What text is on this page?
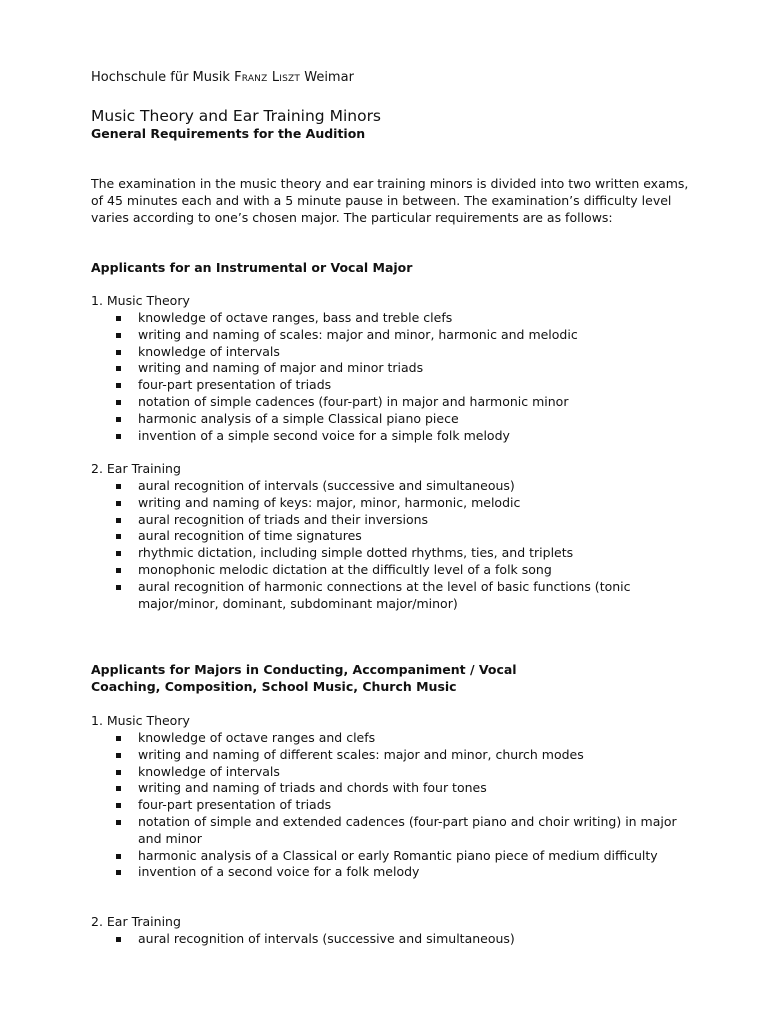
Hochschule für Musik Franz Liszt Weimar
Music Theory and Ear Training Minors
General Requirements for the Audition
The examination in the music theory and ear training minors is divided into two written exams, of 45 minutes each and with a 5 minute pause in between. The examination’s difficulty level varies according to one’s chosen major. The particular requirements are as follows:
Applicants for an Instrumental or Vocal Major
1. Music Theory
knowledge of octave ranges, bass and treble clefs
writing and naming of scales: major and minor, harmonic and melodic
knowledge of intervals
writing and naming of major and minor triads
four-part presentation of triads
notation of simple cadences (four-part) in major and harmonic minor
harmonic analysis of a simple Classical piano piece
invention of a simple second voice for a simple folk melody
2. Ear Training
aural recognition of intervals (successive and simultaneous)
writing and naming of keys: major, minor, harmonic, melodic
aural recognition of triads and their inversions
aural recognition of time signatures
rhythmic dictation, including simple dotted rhythms, ties, and triplets
monophonic melodic dictation at the difficultly level of a folk song
aural recognition of harmonic connections at the level of basic functions (tonic major/minor, dominant, subdominant major/minor)
Applicants for Majors in Conducting, Accompaniment / Vocal
Coaching, Composition, School Music, Church Music
1. Music Theory
knowledge of octave ranges and clefs
writing and naming of different scales: major and minor, church modes
knowledge of intervals
writing and naming of triads and chords with four tones
four-part presentation of triads
notation of simple and extended cadences (four-part piano and choir writing) in major and minor
harmonic analysis of a Classical or early Romantic piano piece of medium difficulty
invention of a second voice for a folk melody
2. Ear Training
aural recognition of intervals (successive and simultaneous)
